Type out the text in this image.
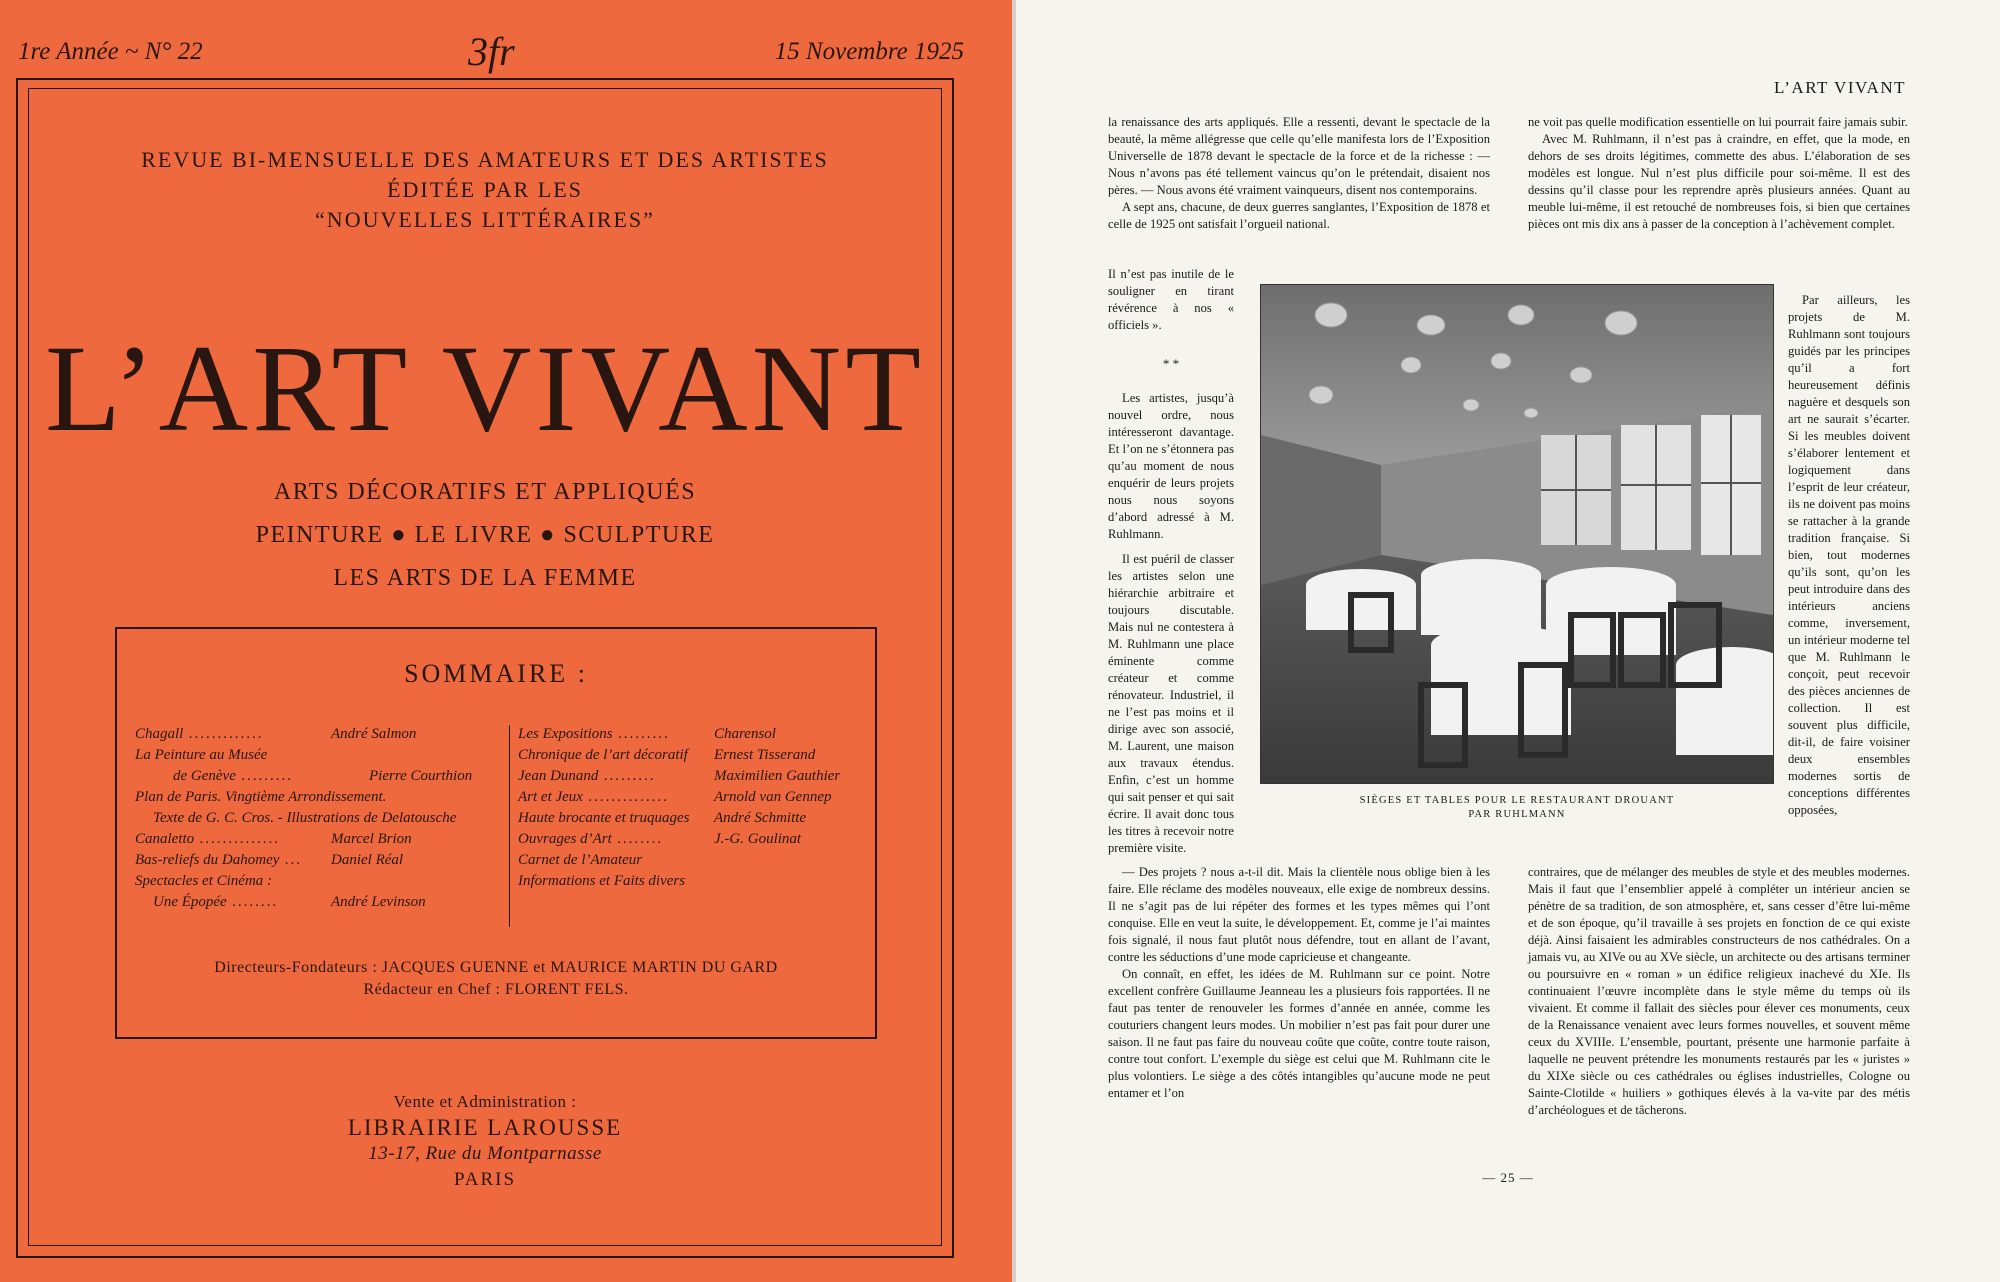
1re Année ~ N° 22	3fr	15 Novembre 1925
REVUE BI-MENSUELLE DES AMATEURS ET DES ARTISTES
ÉDITÉE PAR LES
“NOUVELLES LITTÉRAIRES”
L’ART VIVANT
ARTS DÉCORATIFS ET APPLIQUÉS
PEINTURE ● LE LIVRE ● SCULPTURE
LES ARTS DE LA FEMME
SOMMAIRE :
Chagall .............	André Salmon
La Peinture au Musée
de Genève .........	Pierre Courthion
Plan de Paris. Vingtième Arrondissement.
Texte de G. C. Cros. - Illustrations de Delatousche
Canaletto ..............	Marcel Brion
Bas-reliefs du Dahomey ... Daniel Réal
Spectacles et Cinéma :
Une Épopée ........	André Levinson
Les Expositions .........	Charensol
Chronique de l’art décoratif Ernest Tisserand
Jean Dunand .........	Maximilien Gauthier
Art et Jeux ..............	Arnold van Gennep
Haute brocante et truquages André Schmitte
Ouvrages d’Art ........	J.-G. Goulinat
Carnet de l’Amateur
Informations et Faits divers
Directeurs-Fondateurs : JACQUES GUENNE et MAURICE MARTIN DU GARD
Rédacteur en Chef : FLORENT FELS.
Vente et Administration :
LIBRAIRIE LAROUSSE
13-17, Rue du Montparnasse
PARIS
L’ART VIVANT

la renaissance des arts appliqués. Elle a ressenti, devant le spectacle de la beauté, la même allégresse que celle qu’elle manifesta lors de l’Exposition Universelle de 1878 devant le spectacle de la force et de la richesse : — Nous n’avons pas été tellement vaincus qu’on le prétendait, disaient nos pères. — Nous avons été vraiment vainqueurs, disent nos contemporains.

A sept ans, chacune, de deux guerres sanglantes, l’Exposition de 1878 et celle de 1925 ont satisfait l’orgueil national.

Il n’est pas inutile de le souligner en tirant révérence à nos « officiels ».

* *

Les artistes, jusqu’à nouvel ordre, nous intéresseront davantage. Et l’on ne s’étonnera pas qu’au moment de nous enquérir de leurs projets nous nous soyons d’abord adressé à M. Ruhlmann.

Il est puéril de classer les artistes selon une hiérarchie arbitraire et toujours discutable. Mais nul ne contestera à M. Ruhlmann une place éminente comme créateur et comme rénovateur. Industriel, il ne l’est pas moins et il dirige avec son associé, M. Laurent, une maison aux travaux étendus. Enfin, c’est un homme qui sait penser et qui sait écrire. Il avait donc tous les titres à recevoir notre première visite.

ne voit pas quelle modification essentielle on lui pourrait faire jamais subir.

Avec M. Ruhlmann, il n’est pas à craindre, en effet, que la mode, en dehors de ses droits légitimes, commette des abus. L’élaboration de ses modèles est longue. Nul n’est plus difficile pour soi-même. Il est des dessins qu’il classe pour les reprendre après plusieurs années. Quant au meuble lui-même, il est retouché de nombreuses fois, si bien que certaines pièces ont mis dix ans à passer de la conception à l’achèvement complet.

Par ailleurs, les projets de M. Ruhlmann sont toujours guidés par les principes qu’il a fort heureusement définis naguère et desquels son art ne saurait s’écarter. Si les meubles doivent s’élaborer lentement et logiquement dans l’esprit de leur créateur, ils ne doivent pas moins se rattacher à la grande tradition française. Si bien, tout modernes qu’ils sont, qu’on les peut introduire dans des intérieurs anciens comme, inversement, un intérieur moderne tel que M. Ruhlmann le conçoit, peut recevoir des pièces anciennes de collection. Il est souvent plus difficile, dit-il, de faire voisiner deux ensembles modernes sortis de conceptions différentes opposées,

SIÈGES ET TABLES POUR LE RESTAURANT DROUANT
PAR RUHLMANN

— Des projets ? nous a-t-il dit. Mais la clientèle nous oblige bien à les faire. Elle réclame des modèles nouveaux, elle exige de nombreux dessins. Il ne s’agit pas de lui répéter des formes et les types mêmes qui l’ont conquise. Elle en veut la suite, le développement. Et, comme je l’ai maintes fois signalé, il nous faut plutôt nous défendre, tout en allant de l’avant, contre les séductions d’une mode capricieuse et changeante.

On connaît, en effet, les idées de M. Ruhlmann sur ce point. Notre excellent confrère Guillaume Jeanneau les a plusieurs fois rapportées. Il ne faut pas tenter de renouveler les formes d’année en année, comme les couturiers changent leurs modes. Un mobilier n’est pas fait pour durer une saison. Il ne faut pas faire du nouveau coûte que coûte, contre toute raison, contre tout confort. L’exemple du siège est celui que M. Ruhlmann cite le plus volontiers. Le siège a des côtés intangibles qu’aucune mode ne peut entamer et l’on

contraires, que de mélanger des meubles de style et des meubles modernes. Mais il faut que l’ensemblier appelé à compléter un intérieur ancien se pénètre de sa tradition, de son atmosphère, et, sans cesser d’être lui-même et de son époque, qu’il travaille à ses projets en fonction de ce qui existe déjà. Ainsi faisaient les admirables constructeurs de nos cathédrales. On a jamais vu, au XIVe ou au XVe siècle, un architecte ou des artisans terminer ou poursuivre en « roman » un édifice religieux inachevé du XIe. Ils continuaient l’œuvre incomplète dans le style même du temps où ils vivaient. Et comme il fallait des siècles pour élever ces monuments, ceux de la Renaissance venaient avec leurs formes nouvelles, et souvent même ceux du XVIIIe. L’ensemble, pourtant, présente une harmonie parfaite à laquelle ne peuvent prétendre les monuments restaurés par les « juristes » du XIXe siècle ou ces cathédrales ou églises industrielles, Cologne ou Sainte-Clotilde « huiliers » gothiques élevés à la va-vite par des métis d’archéologues et de tâcherons.

— 25 —
